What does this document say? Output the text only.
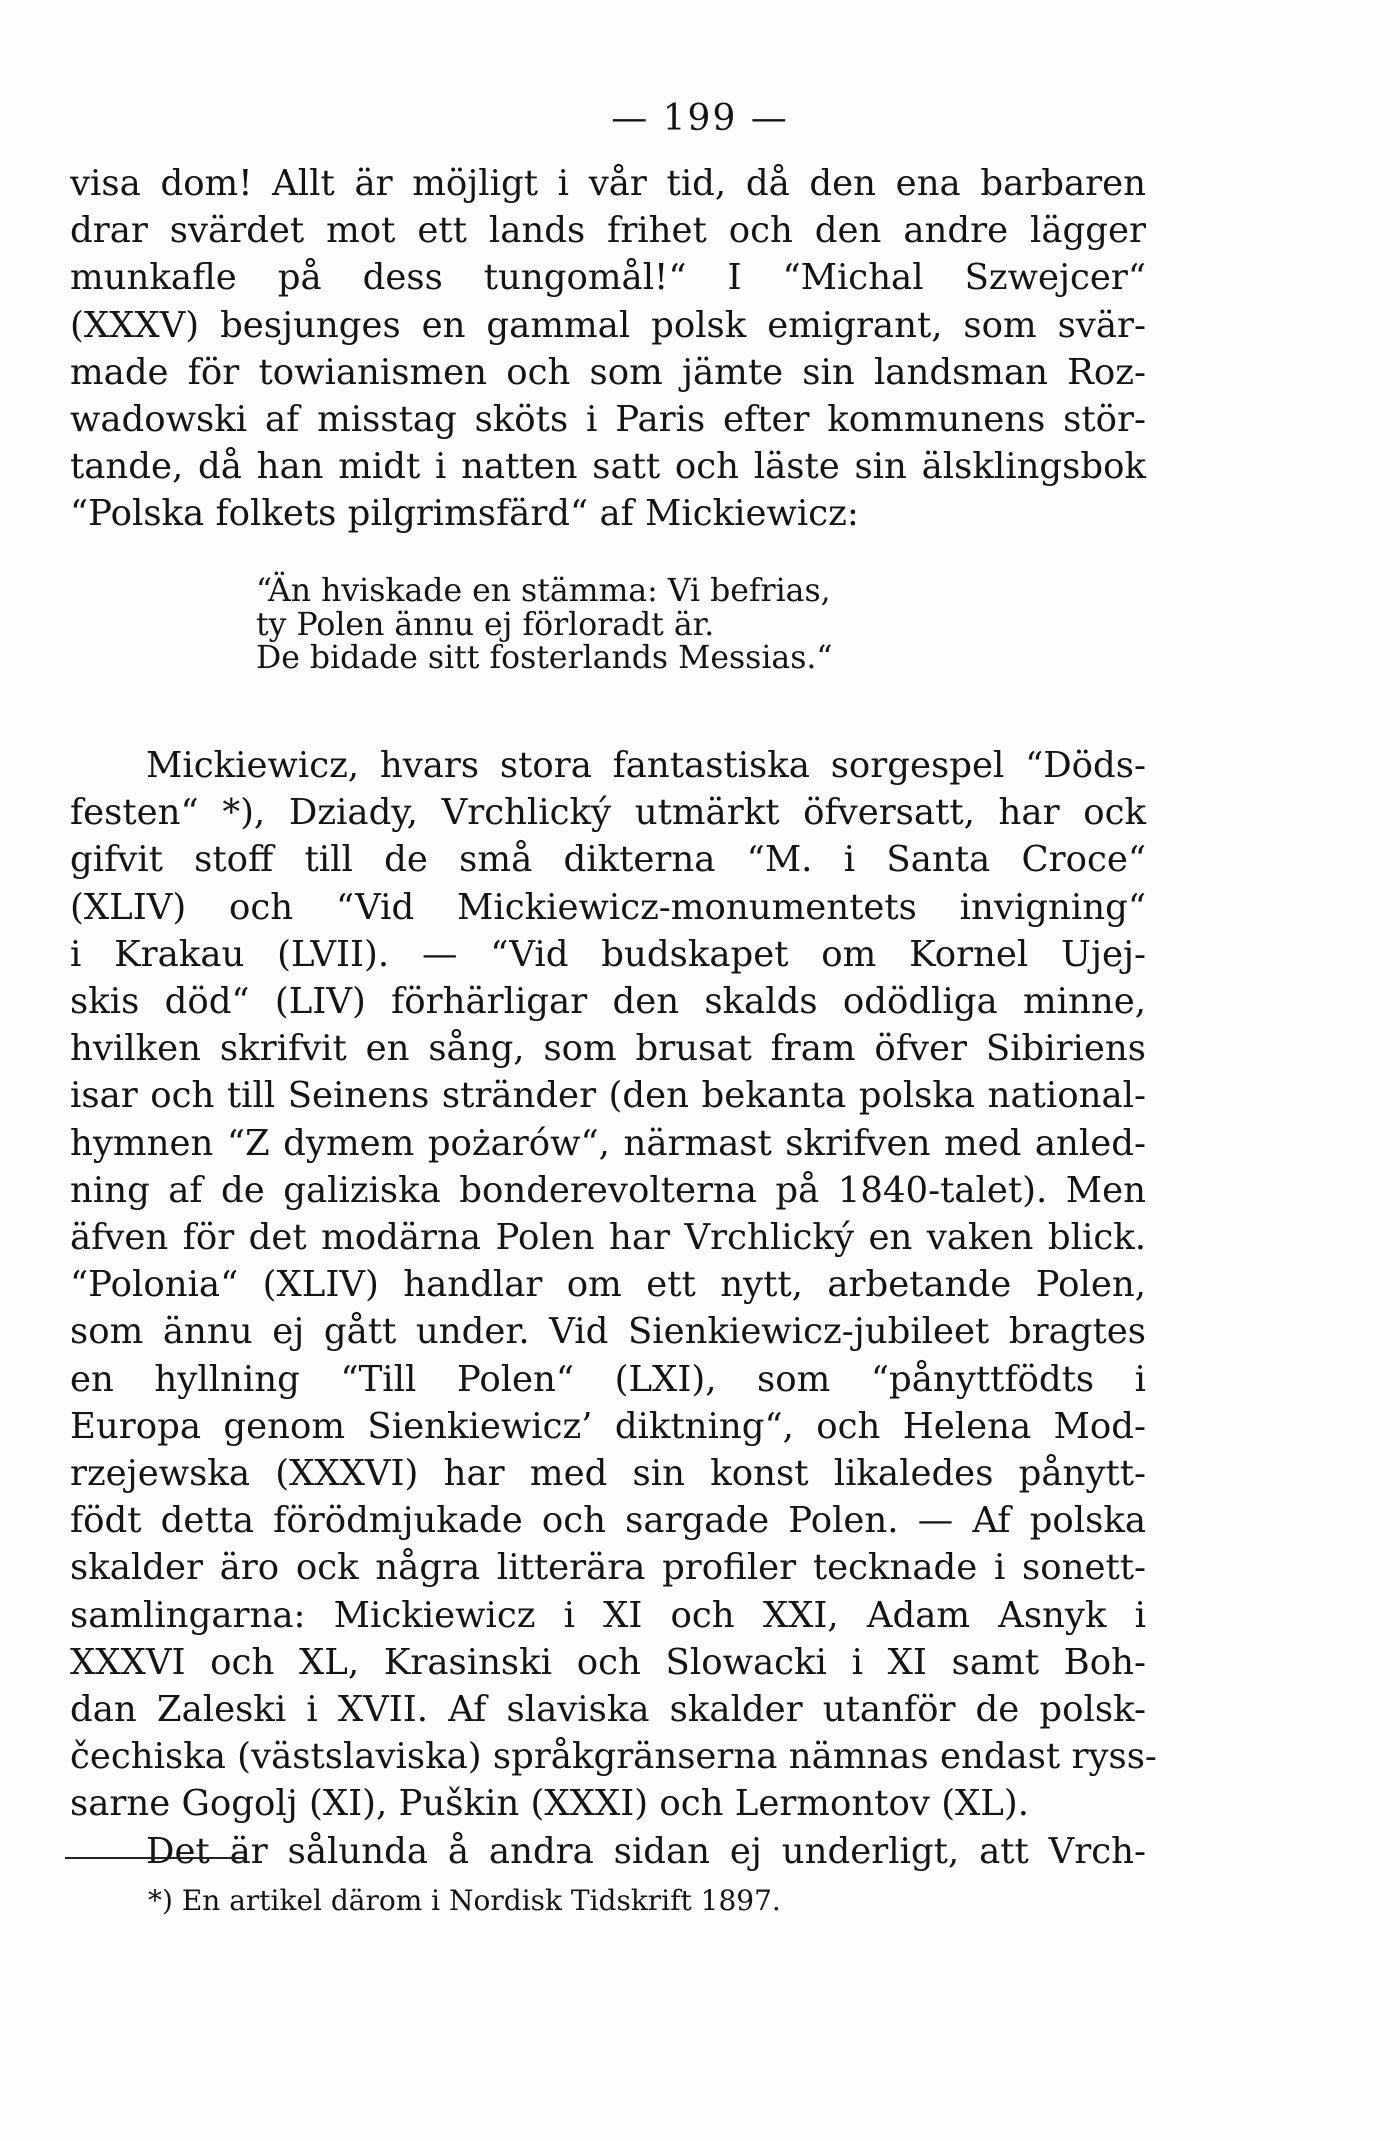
— 199 —
visa dom! Allt är möjligt i vår tid, då den ena barbaren
drar svärdet mot ett lands frihet och den andre lägger
munkafle på dess tungomål!“ I “Michal Szwejcer“
(XXXV) besjunges en gammal polsk emigrant, som svär-
made för towianismen och som jämte sin landsman Roz-
wadowski af misstag sköts i Paris efter kommunens stör-
tande, då han midt i natten satt och läste sin älsklingsbok
“Polska folkets pilgrimsfärd“ af Mickiewicz:
“Än hviskade en stämma: Vi befrias,
ty Polen ännu ej förloradt är.
De bidade sitt fosterlands Messias.“
Mickiewicz, hvars stora fantastiska sorgespel “Döds-
festen“ *), Dziady, Vrchlický utmärkt öfversatt, har ock
gifvit stoff till de små dikterna “M. i Santa Croce“
(XLIV) och “Vid Mickiewicz-monumentets invigning“
i Krakau (LVII). — “Vid budskapet om Kornel Ujej-
skis död“ (LIV) förhärligar den skalds odödliga minne,
hvilken skrifvit en sång, som brusat fram öfver Sibiriens
isar och till Seinens stränder (den bekanta polska national-
hymnen “Z dymem pożarów“, närmast skrifven med anled-
ning af de galiziska bonderevolterna på 1840-talet). Men
äfven för det modärna Polen har Vrchlický en vaken blick.
“Polonia“ (XLIV) handlar om ett nytt, arbetande Polen,
som ännu ej gått under. Vid Sienkiewicz-jubileet bragtes
en hyllning “Till Polen“ (LXI), som “pånyttfödts i
Europa genom Sienkiewicz’ diktning“, och Helena Mod-
rzejewska (XXXVI) har med sin konst likaledes pånytt-
födt detta förödmjukade och sargade Polen. — Af polska
skalder äro ock några litterära profiler tecknade i sonett-
samlingarna: Mickiewicz i XI och XXI, Adam Asnyk i
XXXVI och XL, Krasinski och Slowacki i XI samt Boh-
dan Zaleski i XVII. Af slaviska skalder utanför de polsk-
čechiska (västslaviska) språkgränserna nämnas endast ryss-
sarne Gogolj (XI), Puškin (XXXI) och Lermontov (XL).
Det är sålunda å andra sidan ej underligt, att Vrch-
*) En artikel därom i Nordisk Tidskrift 1897.
